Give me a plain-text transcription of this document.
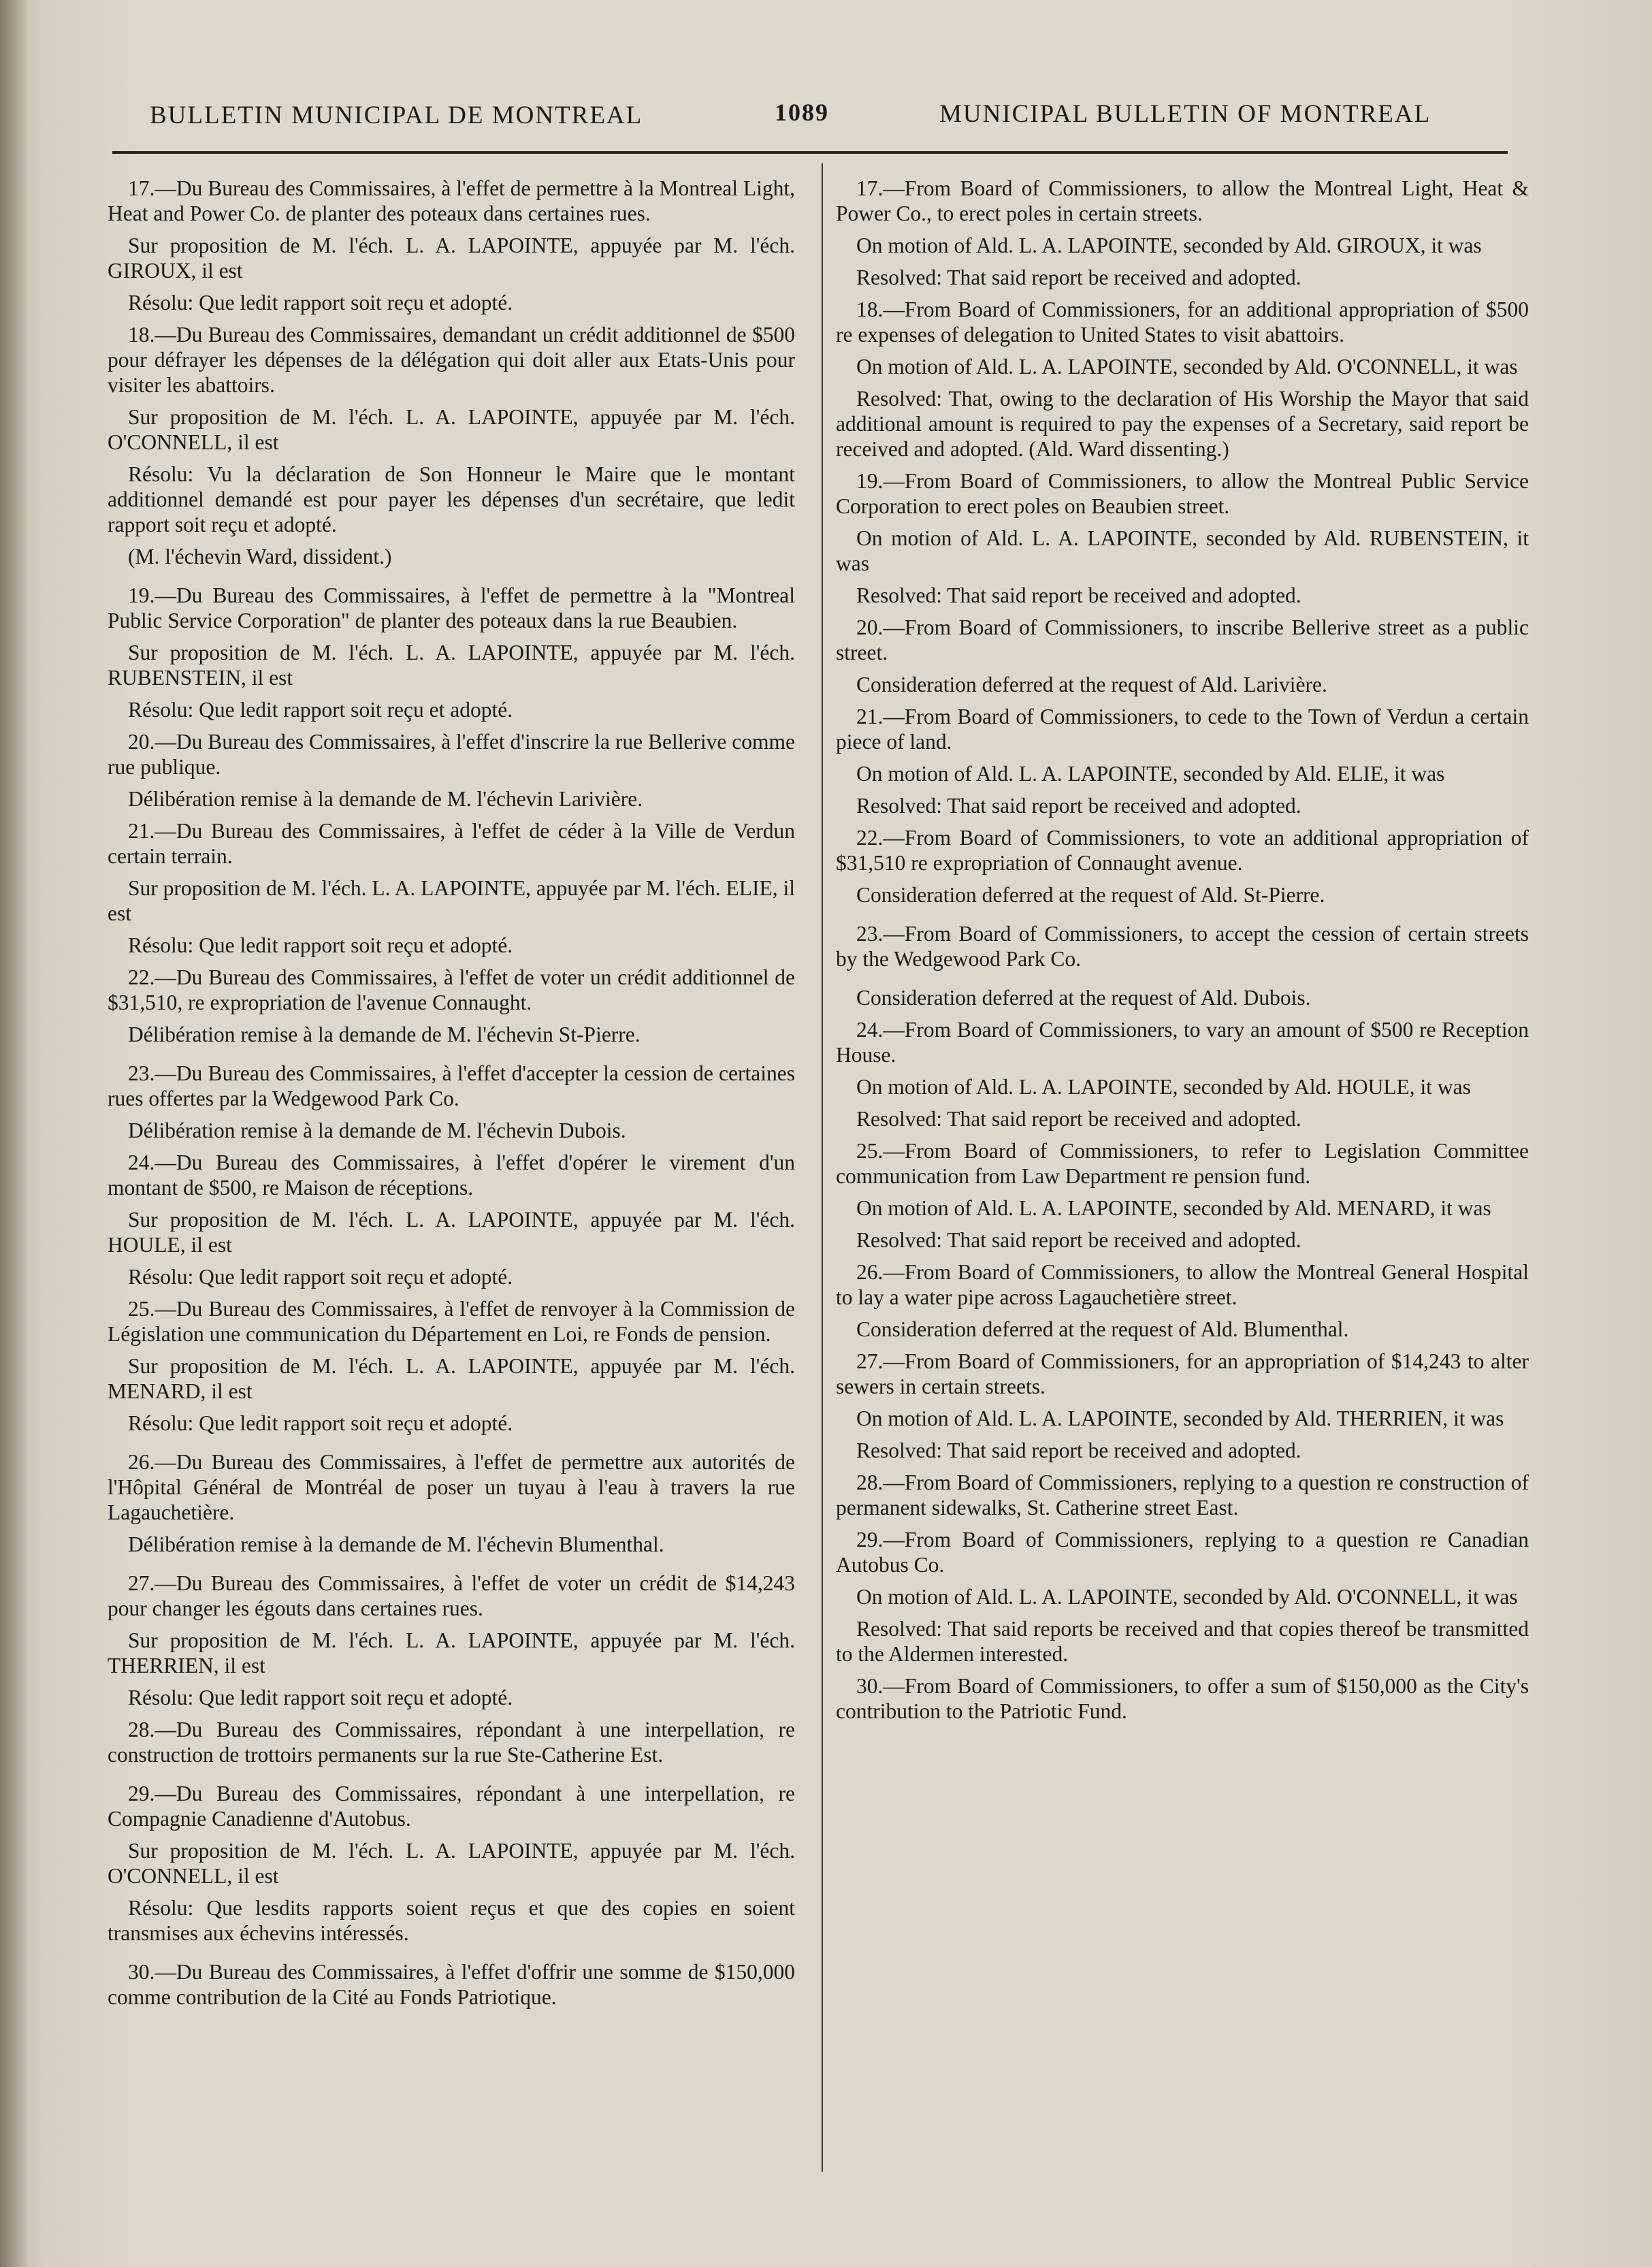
BULLETIN MUNICIPAL DE MONTREAL	1089	MUNICIPAL BULLETIN OF MONTREAL

17.—Du Bureau des Commissaires, à l'effet de permettre à la Montreal Light, Heat and Power Co. de planter des poteaux dans certaines rues.

Sur proposition de M. l'éch. L. A. LAPOINTE, appuyée par M. l'éch. GIROUX, il est

Résolu: Que ledit rapport soit reçu et adopté.

18.—Du Bureau des Commissaires, demandant un crédit additionnel de $500 pour défrayer les dépenses de la délégation qui doit aller aux Etats-Unis pour visiter les abattoirs.

Sur proposition de M. l'éch. L. A. LAPOINTE, appuyée par M. l'éch. O'CONNELL, il est

Résolu: Vu la déclaration de Son Honneur le Maire que le montant additionnel demandé est pour payer les dépenses d'un secrétaire, que ledit rapport soit reçu et adopté.

(M. l'échevin Ward, dissident.)

19.—Du Bureau des Commissaires, à l'effet de permettre à la "Montreal Public Service Corporation" de planter des poteaux dans la rue Beaubien.

Sur proposition de M. l'éch. L. A. LAPOINTE, appuyée par M. l'éch. RUBENSTEIN, il est

Résolu: Que ledit rapport soit reçu et adopté.

20.—Du Bureau des Commissaires, à l'effet d'inscrire la rue Bellerive comme rue publique.

Délibération remise à la demande de M. l'échevin Larivière.

21.—Du Bureau des Commissaires, à l'effet de céder à la Ville de Verdun certain terrain.

Sur proposition de M. l'éch. L. A. LAPOINTE, appuyée par M. l'éch. ELIE, il est

Résolu: Que ledit rapport soit reçu et adopté.

22.—Du Bureau des Commissaires, à l'effet de voter un crédit additionnel de $31,510, re expropriation de l'avenue Connaught.

Délibération remise à la demande de M. l'échevin St-Pierre.

23.—Du Bureau des Commissaires, à l'effet d'accepter la cession de certaines rues offertes par la Wedgewood Park Co.

Délibération remise à la demande de M. l'échevin Dubois.

24.—Du Bureau des Commissaires, à l'effet d'opérer le virement d'un montant de $500, re Maison de réceptions.

Sur proposition de M. l'éch. L. A. LAPOINTE, appuyée par M. l'éch. HOULE, il est

Résolu: Que ledit rapport soit reçu et adopté.

25.—Du Bureau des Commissaires, à l'effet de renvoyer à la Commission de Législation une communication du Département en Loi, re Fonds de pension.

Sur proposition de M. l'éch. L. A. LAPOINTE, appuyée par M. l'éch. MENARD, il est

Résolu: Que ledit rapport soit reçu et adopté.

26.—Du Bureau des Commissaires, à l'effet de permettre aux autorités de l'Hôpital Général de Montréal de poser un tuyau à l'eau à travers la rue Lagauchetière.

Délibération remise à la demande de M. l'échevin Blumenthal.

27.—Du Bureau des Commissaires, à l'effet de voter un crédit de $14,243 pour changer les égouts dans certaines rues.

Sur proposition de M. l'éch. L. A. LAPOINTE, appuyée par M. l'éch. THERRIEN, il est

Résolu: Que ledit rapport soit reçu et adopté.

28.—Du Bureau des Commissaires, répondant à une interpellation, re construction de trottoirs permanents sur la rue Ste-Catherine Est.

29.—Du Bureau des Commissaires, répondant à une interpellation, re Compagnie Canadienne d'Autobus.

Sur proposition de M. l'éch. L. A. LAPOINTE, appuyée par M. l'éch. O'CONNELL, il est

Résolu: Que lesdits rapports soient reçus et que des copies en soient transmises aux échevins intéressés.

30.—Du Bureau des Commissaires, à l'effet d'offrir une somme de $150,000 comme contribution de la Cité au Fonds Patriotique.

17.—From Board of Commissioners, to allow the Montreal Light, Heat & Power Co., to erect poles in certain streets.

On motion of Ald. L. A. LAPOINTE, seconded by Ald. GIROUX, it was

Resolved: That said report be received and adopted.

18.—From Board of Commissioners, for an additional appropriation of $500 re expenses of delegation to United States to visit abattoirs.

On motion of Ald. L. A. LAPOINTE, seconded by Ald. O'CONNELL, it was

Resolved: That, owing to the declaration of His Worship the Mayor that said additional amount is required to pay the expenses of a Secretary, said report be received and adopted. (Ald. Ward dissenting.)

19.—From Board of Commissioners, to allow the Montreal Public Service Corporation to erect poles on Beaubien street.

On motion of Ald. L. A. LAPOINTE, seconded by Ald. RUBENSTEIN, it was

Resolved: That said report be received and adopted.

20.—From Board of Commissioners, to inscribe Bellerive street as a public street.

Consideration deferred at the request of Ald. Larivière.

21.—From Board of Commissioners, to cede to the Town of Verdun a certain piece of land.

On motion of Ald. L. A. LAPOINTE, seconded by Ald. ELIE, it was

Resolved: That said report be received and adopted.

22.—From Board of Commissioners, to vote an additional appropriation of $31,510 re expropriation of Connaught avenue.

Consideration deferred at the request of Ald. St-Pierre.

23.—From Board of Commissioners, to accept the cession of certain streets by the Wedgewood Park Co.

Consideration deferred at the request of Ald. Dubois.

24.—From Board of Commissioners, to vary an amount of $500 re Reception House.

On motion of Ald. L. A. LAPOINTE, seconded by Ald. HOULE, it was

Resolved: That said report be received and adopted.

25.—From Board of Commissioners, to refer to Legislation Committee communication from Law Department re pension fund.

On motion of Ald. L. A. LAPOINTE, seconded by Ald. MENARD, it was

Resolved: That said report be received and adopted.

26.—From Board of Commissioners, to allow the Montreal General Hospital to lay a water pipe across Lagauchetière street.

Consideration deferred at the request of Ald. Blumenthal.

27.—From Board of Commissioners, for an appropriation of $14,243 to alter sewers in certain streets.

On motion of Ald. L. A. LAPOINTE, seconded by Ald. THERRIEN, it was

Resolved: That said report be received and adopted.

28.—From Board of Commissioners, replying to a question re construction of permanent sidewalks, St. Catherine street East.

29.—From Board of Commissioners, replying to a question re Canadian Autobus Co.

On motion of Ald. L. A. LAPOINTE, seconded by Ald. O'CONNELL, it was

Resolved: That said reports be received and that copies thereof be transmitted to the Aldermen interested.

30.—From Board of Commissioners, to offer a sum of $150,000 as the City's contribution to the Patriotic Fund.
